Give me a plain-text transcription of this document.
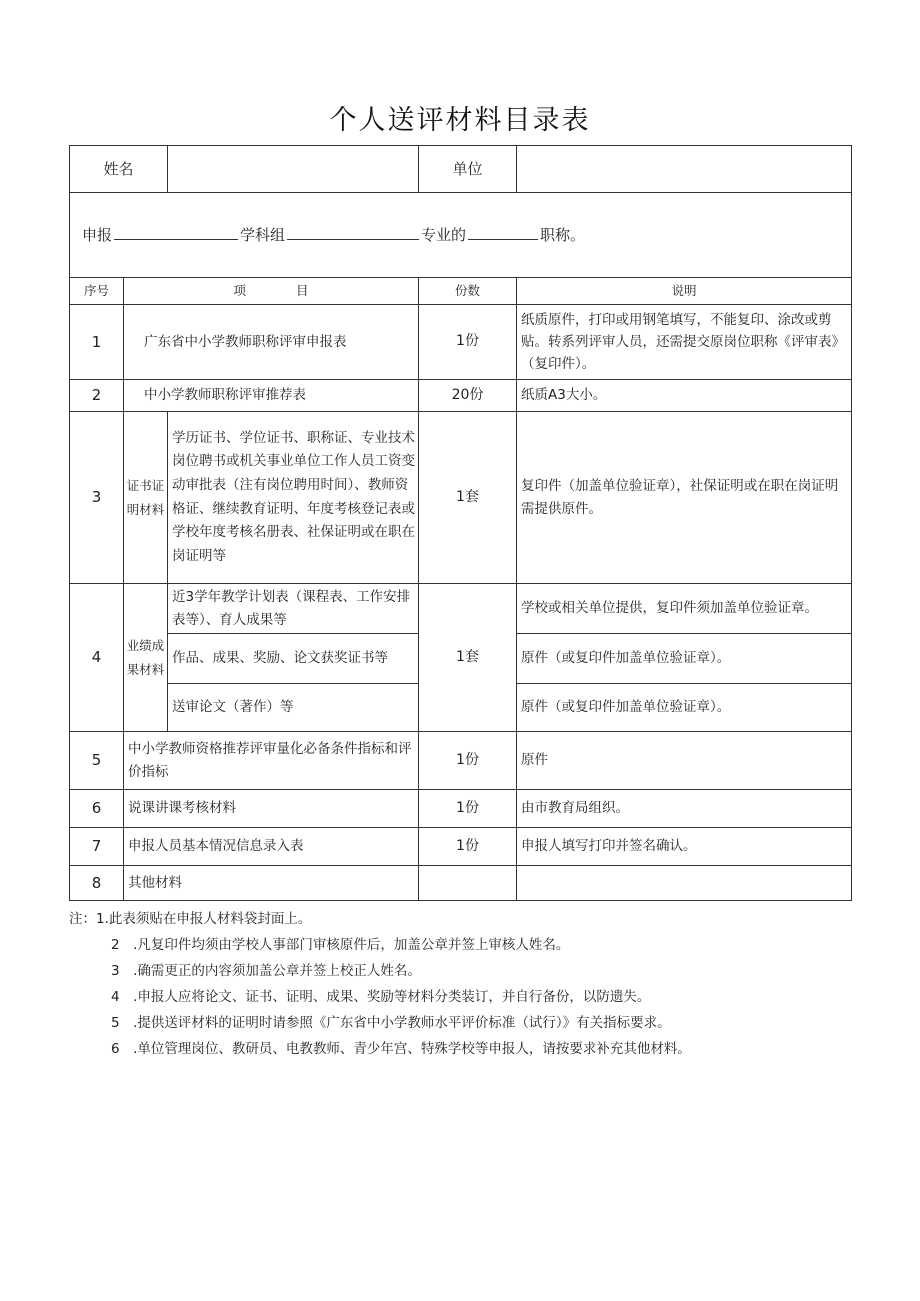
个人送评材料目录表
姓名			单位	
申报 学科组 专业的 职称。				
序号	项　　　　目		份数	说明
1	广东省中小学教师职称评审申报表		1份	纸质原件，打印或用钢笔填写，不能复印、涂改或剪贴。转系列评审人员，还需提交原岗位职称《评审表》（复印件）。
2	中小学教师职称评审推荐表		20份	纸质A3大小。
3	证书证明材料	学历证书、学位证书、职称证、专业技术岗位聘书或机关事业单位工作人员工资变动审批表（注有岗位聘用时间）、教师资格证、继续教育证明、年度考核登记表或学校年度考核名册表、社保证明或在职在岗证明等	1套	复印件（加盖单位验证章），社保证明或在职在岗证明需提供原件。
4	业绩成果材料	近3学年教学计划表（课程表、工作安排表等）、育人成果等	1套	学校或相关单位提供，复印件须加盖单位验证章。
		作品、成果、奖励、论文获奖证书等		原件（或复印件加盖单位验证章）。
		送审论文（著作）等		原件（或复印件加盖单位验证章）。
5	中小学教师资格推荐评审量化必备条件指标和评价指标		1份	原件
6	说课讲课考核材料		1份	由市教育局组织。
7	申报人员基本情况信息录入表		1份	申报人填写打印并签名确认。
8	其他材料			
注：1.此表须贴在申报人材料袋封面上。
2　.凡复印件均须由学校人事部门审核原件后，加盖公章并签上审核人姓名。
3　.确需更正的内容须加盖公章并签上校正人姓名。
4　.申报人应将论文、证书、证明、成果、奖励等材料分类装订，并自行备份，以防遗失。
5　.提供送评材料的证明时请参照《广东省中小学教师水平评价标准（试行）》有关指标要求。
6　.单位管理岗位、教研员、电教教师、青少年宫、特殊学校等申报人，请按要求补充其他材料。
